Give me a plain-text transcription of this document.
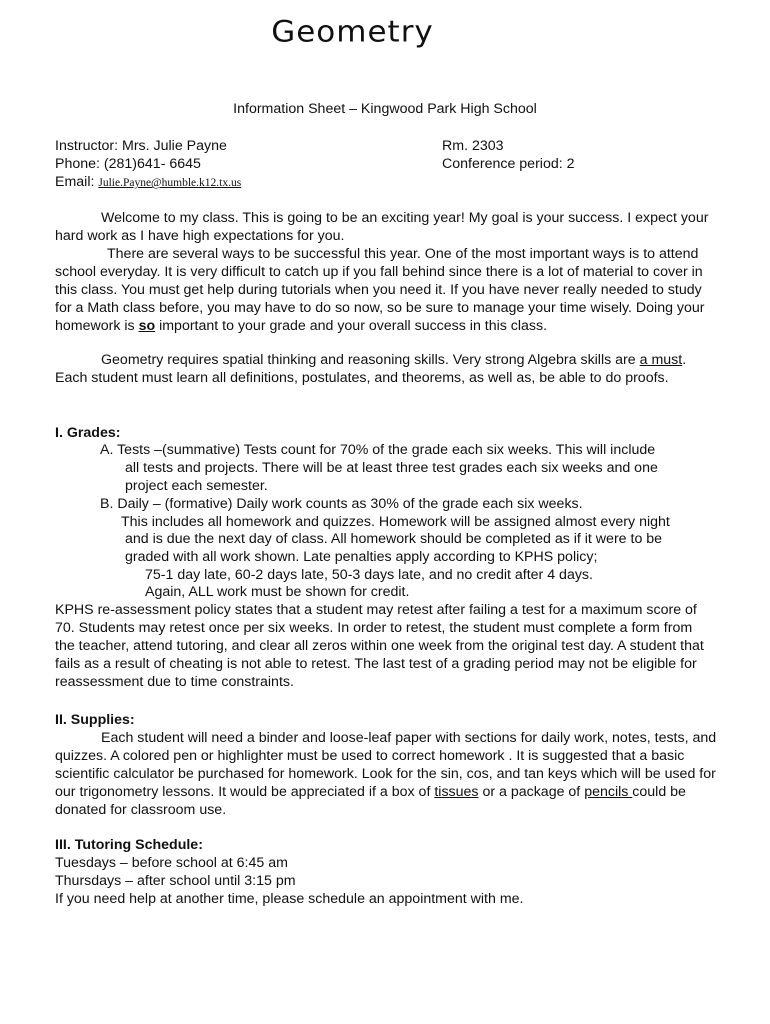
Geometry
Information Sheet – Kingwood Park High School
Instructor: Mrs. Julie Payne
Phone: (281)641- 6645
Email: Julie.Payne@humble.k12.tx.us
Rm. 2303
Conference period: 2
Welcome to my class. This is going to be an exciting year! My goal is your success. I expect your hard work as I have high expectations for you.
There are several ways to be successful this year. One of the most important ways is to attend school everyday. It is very difficult to catch up if you fall behind since there is a lot of material to cover in this class. You must get help during tutorials when you need it. If you have never really needed to study for a Math class before, you may have to do so now, so be sure to manage your time wisely. Doing your homework is so important to your grade and your overall success in this class.
Geometry requires spatial thinking and reasoning skills. Very strong Algebra skills are a must. Each student must learn all definitions, postulates, and theorems, as well as, be able to do proofs.
I. Grades:
A. Tests –(summative) Tests count for 70% of the grade each six weeks. This will include
all tests and projects. There will be at least three test grades each six weeks and one
project each semester.
B. Daily – (formative) Daily work counts as 30% of the grade each six weeks.
This includes all homework and quizzes. Homework will be assigned almost every night
and is due the next day of class. All homework should be completed as if it were to be
graded with all work shown. Late penalties apply according to KPHS policy;
75-1 day late, 60-2 days late, 50-3 days late, and no credit after 4 days.
Again, ALL work must be shown for credit.
KPHS re-assessment policy states that a student may retest after failing a test for a maximum score of 70. Students may retest once per six weeks. In order to retest, the student must complete a form from the teacher, attend tutoring, and clear all zeros within one week from the original test day. A student that fails as a result of cheating is not able to retest. The last test of a grading period may not be eligible for reassessment due to time constraints.
II. Supplies:
Each student will need a binder and loose-leaf paper with sections for daily work, notes, tests, and quizzes. A colored pen or highlighter must be used to correct homework . It is suggested that a basic scientific calculator be purchased for homework. Look for the sin, cos, and tan keys which will be used for our trigonometry lessons. It would be appreciated if a box of tissues or a package of pencils could be donated for classroom use.
III. Tutoring Schedule:
Tuesdays – before school at 6:45 am
Thursdays – after school until 3:15 pm
If you need help at another time, please schedule an appointment with me.
